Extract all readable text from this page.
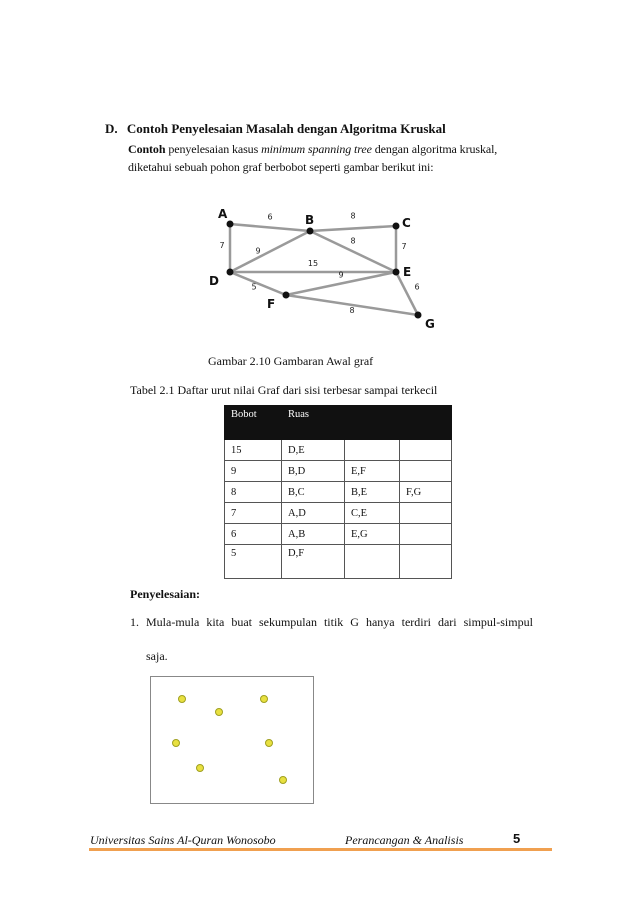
D. Contoh Penyelesaian Masalah dengan Algoritma Kruskal
Contoh penyelesaian kasus minimum spanning tree dengan algoritma kruskal,
diketahui sebuah pohon graf berbobot seperti gambar berikut ini:
6	8
7
9
8
7
15
5
9
6
8
A	B	C
D
E
F
G
Gambar 2.10 Gambaran Awal graf
Tabel 2.1 Daftar urut nilai Graf dari sisi terbesar sampai terkecil
Bobot	Ruas		
15	D,E		
9	B,D	E,F	
8	B,C	B,E	F,G
7	A,D	C,E	
6	A,B	E,G	
5	D,F		
Penyelesaian:
1. Mula-mula kita buat sekumpulan titik G hanya terdiri dari simpul-simpul
saja.
Universitas Sains Al-Quran Wonosobo	Perancangan & Analisis	5
